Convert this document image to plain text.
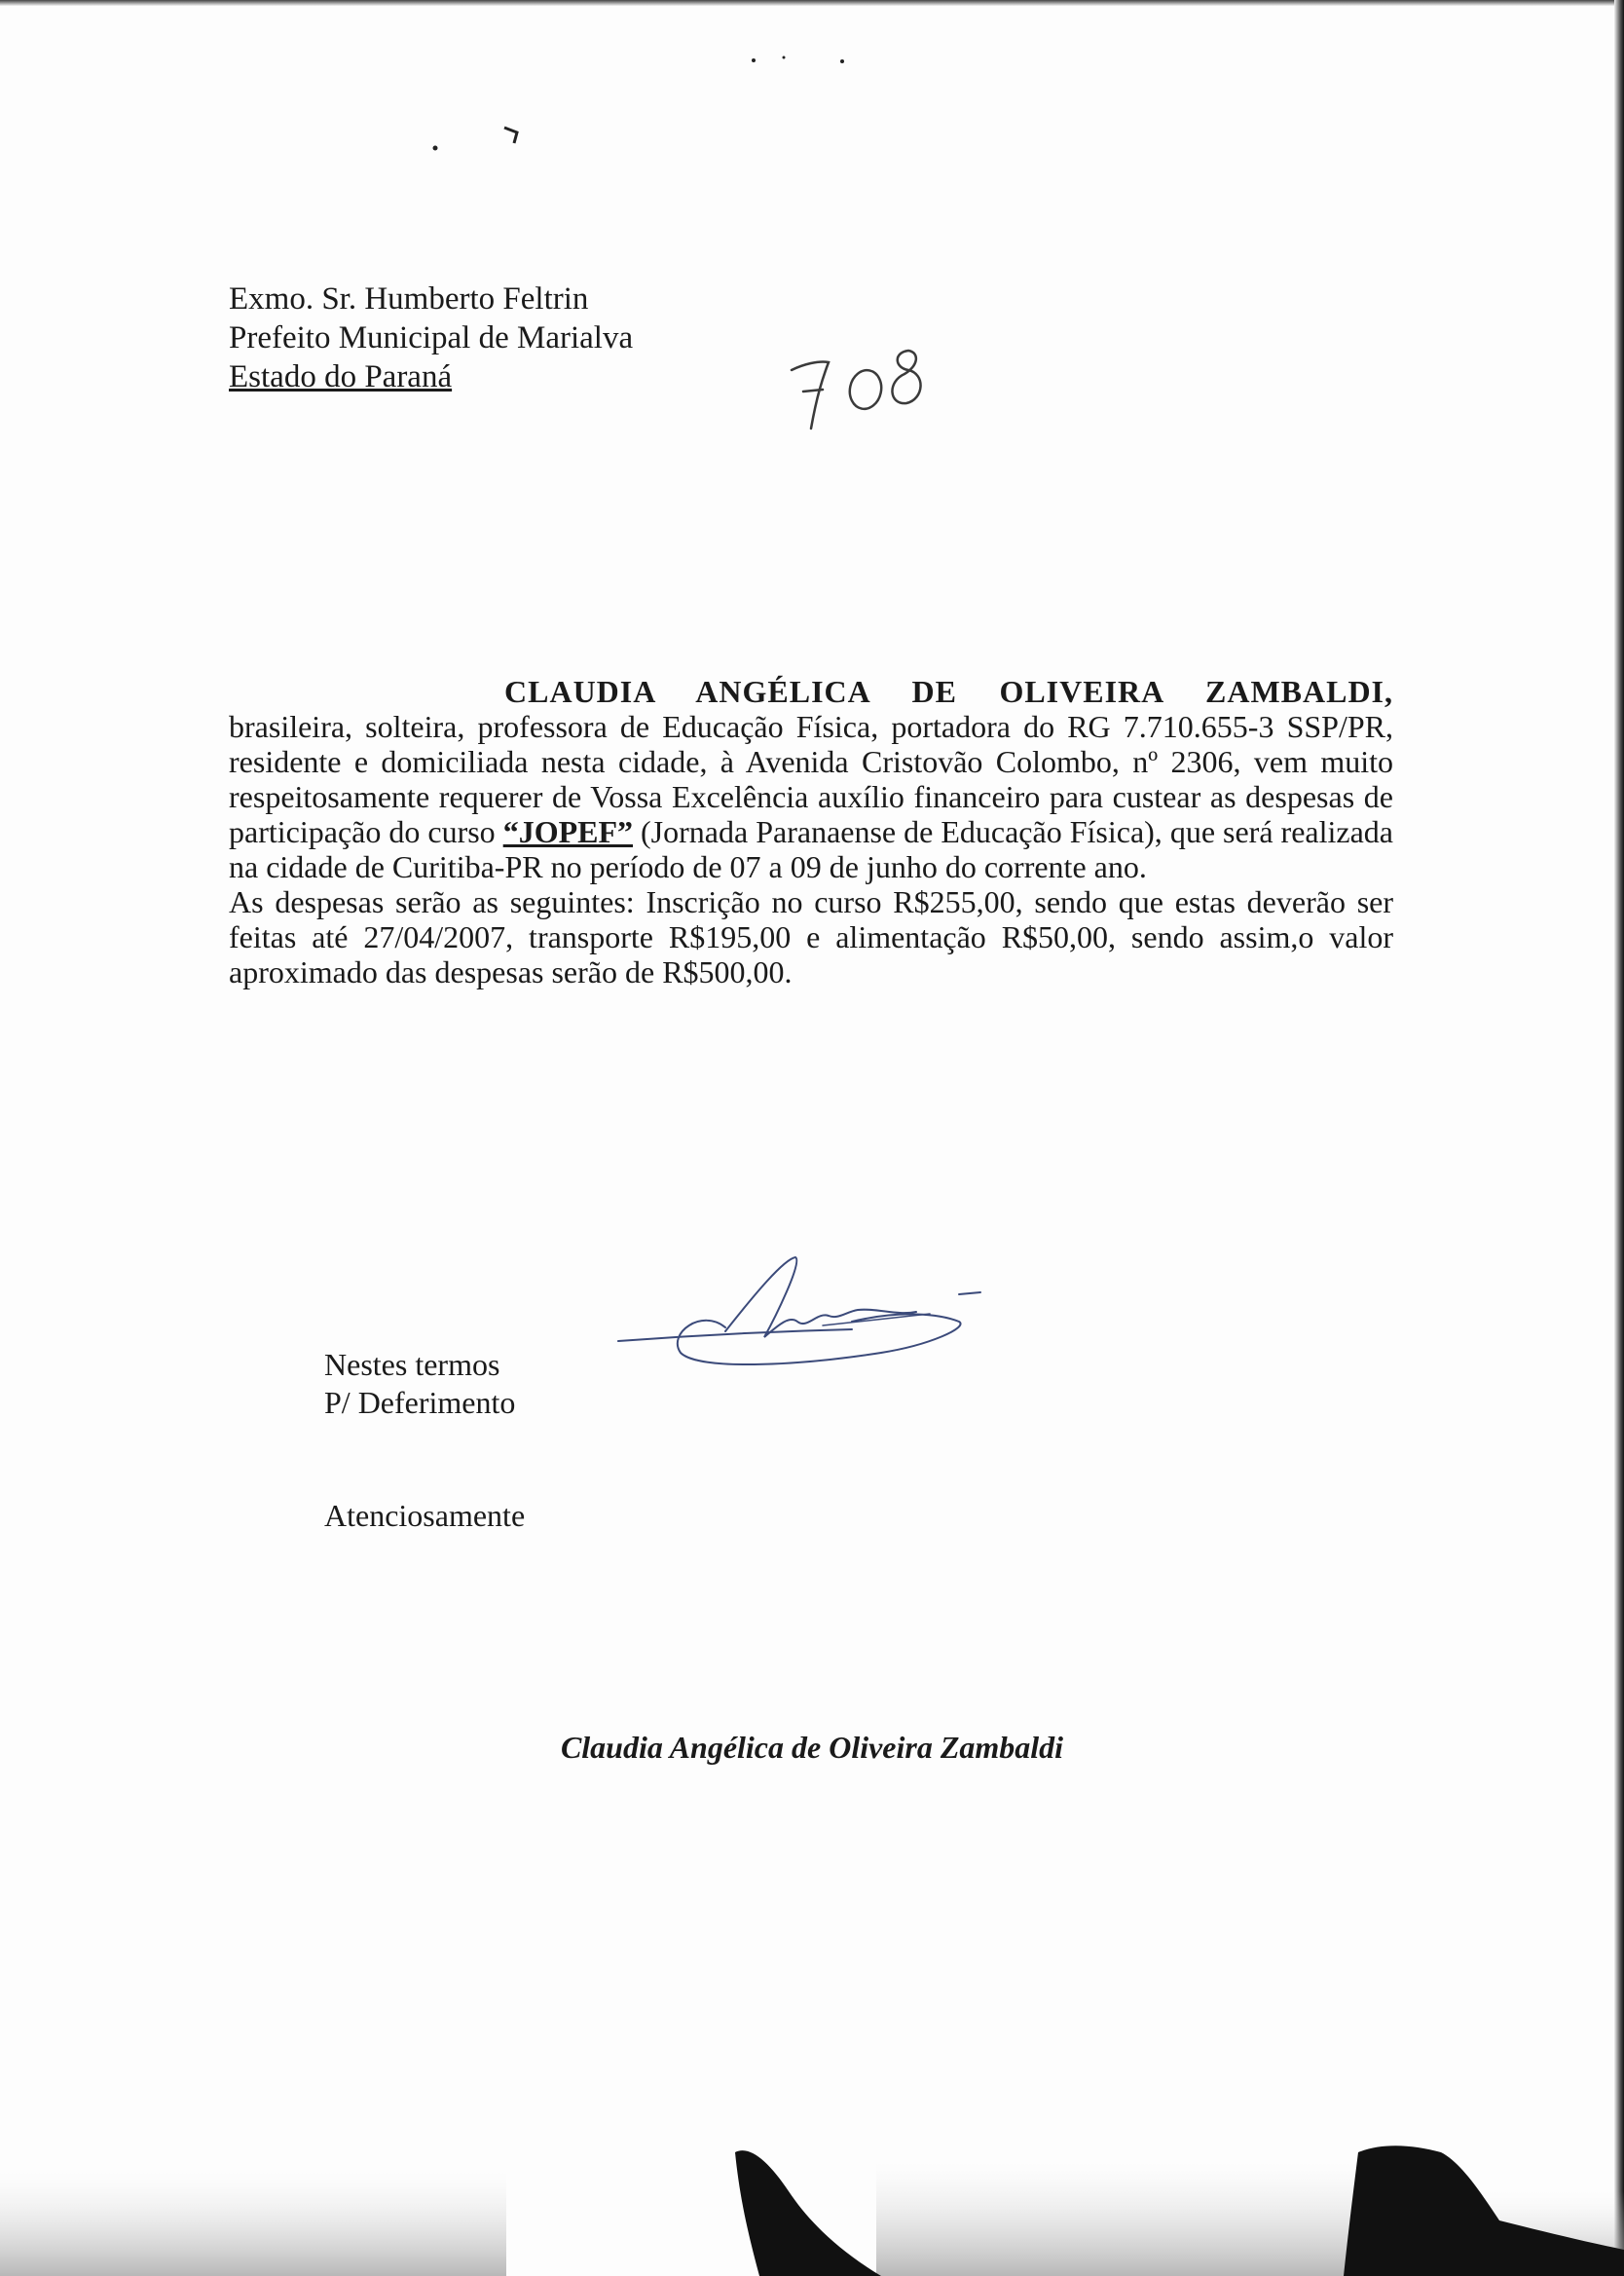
Exmo. Sr. Humberto Feltrin
Prefeito Municipal de Marialva
Estado do Paraná

CLAUDIA ANGÉLICA DE OLIVEIRA ZAMBALDI,

brasileira, solteira, professora de Educação Física, portadora do RG 7.710.655-3 SSP/PR, residente e domiciliada nesta cidade, à Avenida Cristovão Colombo, nº 2306, vem muito respeitosamente requerer de Vossa Excelência auxílio financeiro para custear as despesas de participação do curso “JOPEF” (Jornada Paranaense de Educação Física), que será realizada na cidade de Curitiba-PR no período de 07 a 09 de junho do corrente ano.

As despesas serão as seguintes: Inscrição no curso R$255,00, sendo que estas deverão ser feitas até 27/04/2007, transporte R$195,00 e alimentação R$50,00, sendo assim,o valor aproximado das despesas serão de R$500,00.

Nestes termos
P/ Deferimento
Atenciosamente
Claudia Angélica de Oliveira Zambaldi
